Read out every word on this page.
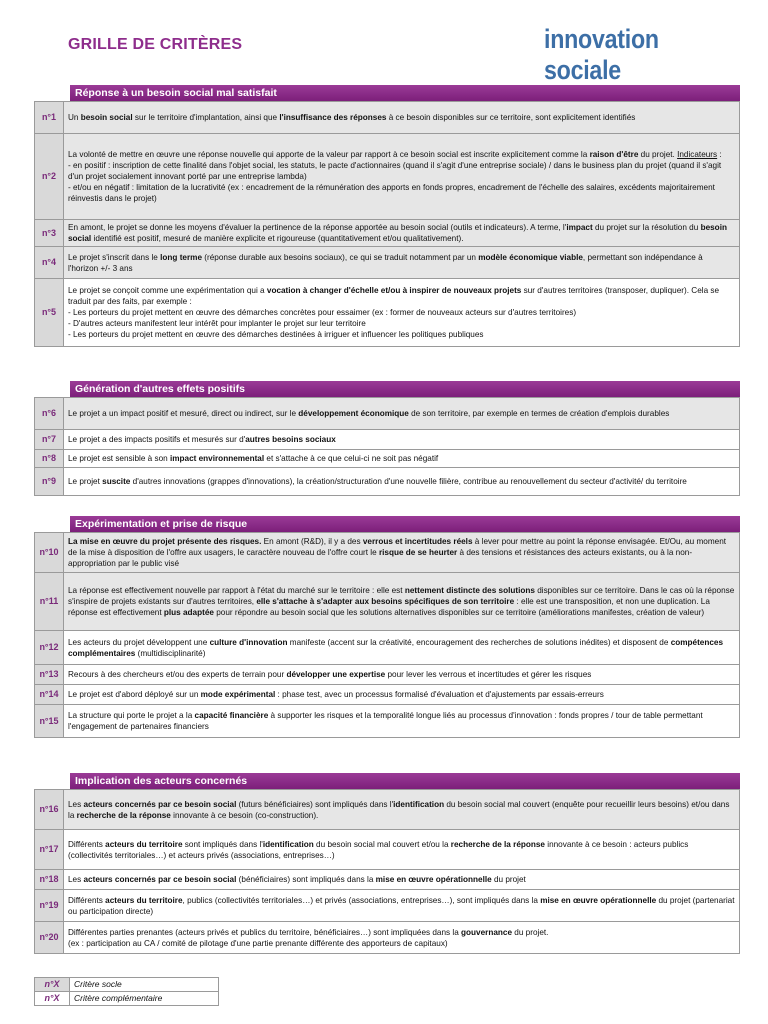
GRILLE DE CRITÈRES	innovation sociale
Réponse à un besoin social mal satisfait
n°1	Un besoin social sur le territoire d'implantation, ainsi que l'insuffisance des réponses à ce besoin disponibles sur ce territoire, sont explicitement identifiés
n°2	La volonté de mettre en œuvre une réponse nouvelle qui apporte de la valeur par rapport à ce besoin social est inscrite explicitement comme la raison d'être du projet. Indicateurs :
- en positif : inscription de cette finalité dans l'objet social, les statuts, le pacte d'actionnaires (quand il s'agit d'une entreprise sociale) / dans le business plan du projet (quand il s'agit d'un projet socialement innovant porté par une entreprise lambda)
- et/ou en négatif : limitation de la lucrativité (ex : encadrement de la rémunération des apports en fonds propres, encadrement de l'échelle des salaires, excédents majoritairement réinvestis dans le projet)
n°3	En amont, le projet se donne les moyens d'évaluer la pertinence de la réponse apportée au besoin social (outils et indicateurs). A terme, l'impact du projet sur la résolution du besoin social identifié est positif, mesuré de manière explicite et rigoureuse (quantitativement et/ou qualitativement).
n°4	Le projet s'inscrit dans le long terme (réponse durable aux besoins sociaux), ce qui se traduit notamment par un modèle économique viable, permettant son indépendance à l'horizon +/- 3 ans
n°5	Le projet se conçoit comme une expérimentation qui a vocation à changer d'échelle et/ou à inspirer de nouveaux projets sur d'autres territoires (transposer, dupliquer). Cela se traduit par des faits, par exemple :
- Les porteurs du projet mettent en œuvre des démarches concrètes pour essaimer (ex : former de nouveaux acteurs sur d'autres territoires)
- D'autres acteurs manifestent leur intérêt pour implanter le projet sur leur territoire
- Les porteurs du projet mettent en œuvre des démarches destinées à irriguer et influencer les politiques publiques
Génération d'autres effets positifs
n°6	Le projet a un impact positif et mesuré, direct ou indirect, sur le développement économique de son territoire, par exemple en termes de création d'emplois durables
n°7	Le projet a des impacts positifs et mesurés sur d'autres besoins sociaux
n°8	Le projet est sensible à son impact environnemental et s'attache à ce que celui-ci ne soit pas négatif
n°9	Le projet suscite d'autres innovations (grappes d'innovations), la création/structuration d'une nouvelle filière, contribue au renouvellement du secteur d'activité/ du territoire
Expérimentation et prise de risque
n°10	La mise en œuvre du projet présente des risques. En amont (R&D), il y a des verrous et incertitudes réels à lever pour mettre au point la réponse envisagée. Et/Ou, au moment de la mise à disposition de l'offre aux usagers, le caractère nouveau de l'offre court le risque de se heurter à des tensions et résistances des acteurs existants, ou à la non-appropriation par le public visé
n°11	La réponse est effectivement nouvelle par rapport à l'état du marché sur le territoire : elle est nettement distincte des solutions disponibles sur ce territoire. Dans le cas où la réponse s'inspire de projets existants sur d'autres territoires, elle s'attache à s'adapter aux besoins spécifiques de son territoire : elle est une transposition, et non une duplication. La réponse est effectivement plus adaptée pour répondre au besoin social que les solutions alternatives disponibles sur ce territoire (améliorations manifestes, création de valeur)
n°12	Les acteurs du projet développent une culture d'innovation manifeste (accent sur la créativité, encouragement des recherches de solutions inédites) et disposent de compétences complémentaires (multidisciplinarité)
n°13	Recours à des chercheurs et/ou des experts de terrain pour développer une expertise pour lever les verrous et incertitudes et gérer les risques
n°14	Le projet est d'abord déployé sur un mode expérimental : phase test, avec un processus formalisé d'évaluation et d'ajustements par essais-erreurs
n°15	La structure qui porte le projet a la capacité financière à supporter les risques et la temporalité longue liés au processus d'innovation : fonds propres / tour de table permettant l'engagement de partenaires financiers
Implication des acteurs concernés
n°16	Les acteurs concernés par ce besoin social (futurs bénéficiaires) sont impliqués dans l'identification du besoin social mal couvert (enquête pour recueillir leurs besoins) et/ou dans la recherche de la réponse innovante à ce besoin (co-construction).
n°17	Différents acteurs du territoire sont impliqués dans l'identification du besoin social mal couvert et/ou la recherche de la réponse innovante à ce besoin : acteurs publics (collectivités territoriales…) et acteurs privés (associations, entreprises…)
n°18	Les acteurs concernés par ce besoin social (bénéficiaires) sont impliqués dans la mise en œuvre opérationnelle du projet
n°19	Différents acteurs du territoire, publics (collectivités territoriales…) et privés (associations, entreprises…), sont impliqués dans la mise en œuvre opérationnelle du projet (partenariat ou participation directe)
n°20	Différentes parties prenantes (acteurs privés et publics du territoire, bénéficiaires…) sont impliquées dans la gouvernance du projet.
(ex : participation au CA / comité de pilotage d'une partie prenante différente des apporteurs de capitaux)
n°X	Critère socle
n°X	Critère complémentaire
